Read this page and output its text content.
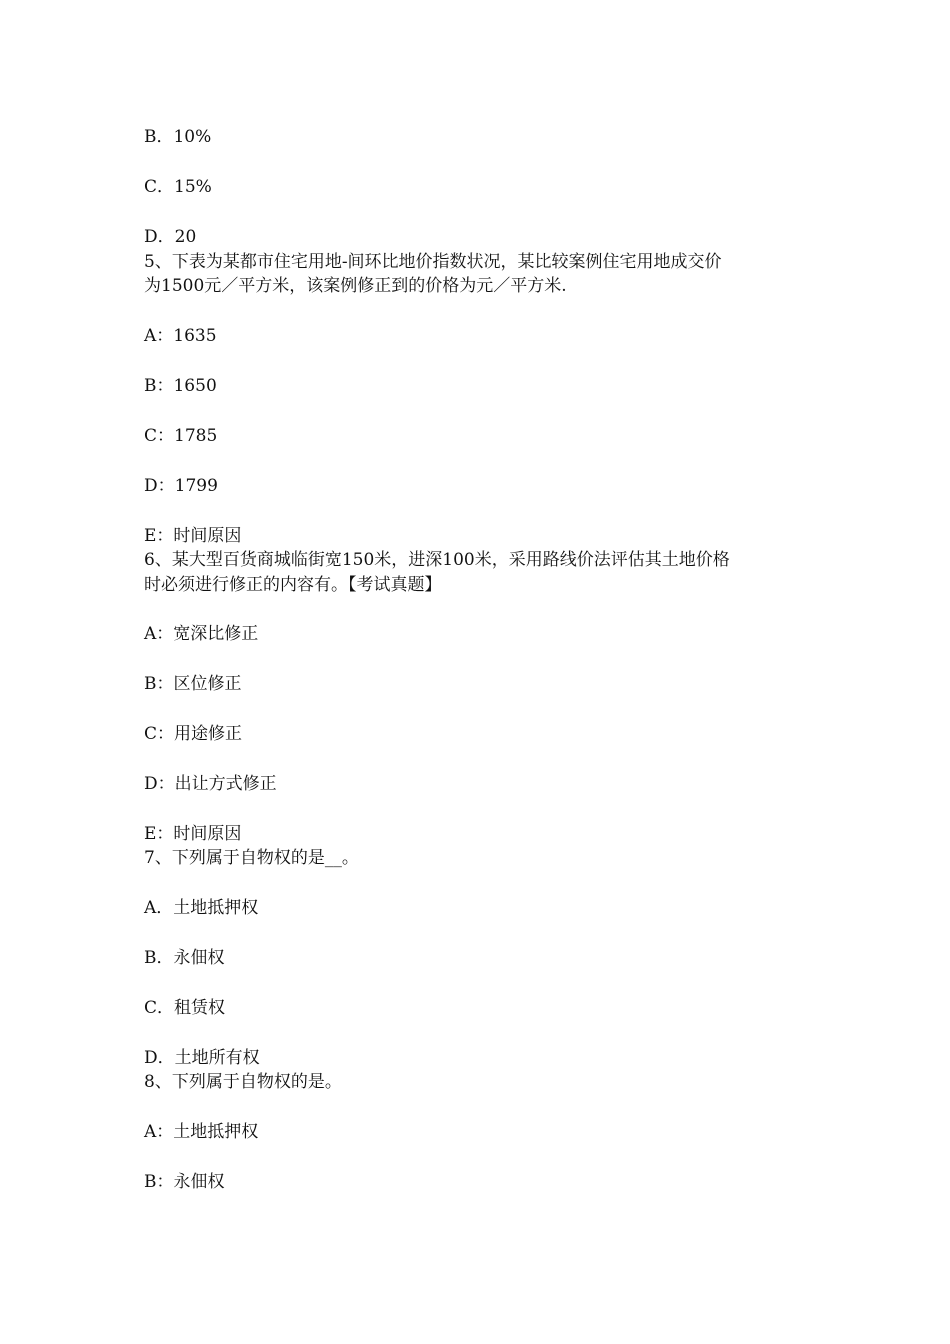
B．10%
C．15%
D．20
5、下表为某都市住宅用地-间环比地价指数状况，某比较案例住宅用地成交价
为1500元／平方米，该案例修正到的价格为元／平方米.
A：1635
B：1650
C：1785
D：1799
E：时间原因
6、某大型百货商城临街宽150米，进深100米，采用路线价法评估其土地价格
时必须进行修正的内容有。【考试真题】
A：宽深比修正
B：区位修正
C：用途修正
D：出让方式修正
E：时间原因
7、下列属于自物权的是__。
A．土地抵押权
B．永佃权
C．租赁权
D．土地所有权
8、下列属于自物权的是。
A：土地抵押权
B：永佃权
